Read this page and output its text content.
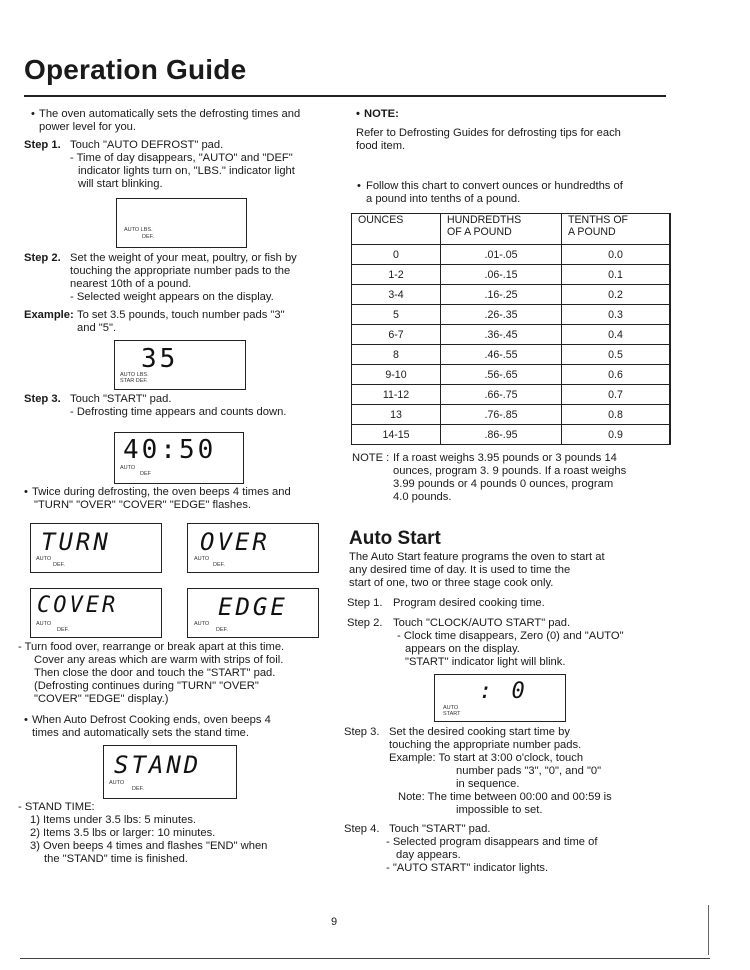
Operation Guide
• The oven automatically sets the defrosting times and
power level for you.
Step 1. Touch "AUTO DEFROST" pad.
- Time of day disappears, "AUTO" and "DEF"
indicator lights turn on, "LBS." indicator light
will start blinking.
AUTO LBS.
DEF.
Step 2. Set the weight of your meat, poultry, or fish by
touching the appropriate number pads to the
nearest 10th of a pound.
- Selected weight appears on the display.
Example: To set 3.5 pounds, touch number pads "3"
and "5".
35
AUTO LBS.
STAR DEF.
Step 3. Touch "START" pad.
- Defrosting time appears and counts down.
40:50
AUTO
DEF
• Twice during defrosting, the oven beeps 4 times and
"TURN" "OVER" "COVER" "EDGE" flashes.
TURN
AUTO
DEF.
OVER
AUTO
DEF.
COVER
AUTO
DEF.
EDGE
AUTO
DEF.
- Turn food over, rearrange or break apart at this time.
Cover any areas which are warm with strips of foil.
Then close the door and touch the "START" pad.
(Defrosting continues during "TURN" "OVER"
"COVER" "EDGE" display.)
• When Auto Defrost Cooking ends, oven beeps 4
times and automatically sets the stand time.
STAND
AUTO
DEF.
- STAND TIME:
1) Items under 3.5 lbs: 5 minutes.
2) Items 3.5 lbs or larger: 10 minutes.
3) Oven beeps 4 times and flashes "END" when
the "STAND" time is finished.
• NOTE:
Refer to Defrosting Guides for defrosting tips for each
food item.
• Follow this chart to convert ounces or hundredths of
a pound into tenths of a pound.
OUNCES	HUNDREDTHS
OF A POUND	TENTHS OF
A POUND
0	.01-.05	0.0
1-2	.06-.15	0.1
3-4	.16-.25	0.2
5	.26-.35	0.3
6-7	.36-.45	0.4
8	.46-.55	0.5
9-10	.56-.65	0.6
11-12	.66-.75	0.7
13	.76-.85	0.8
14-15	.86-.95	0.9
NOTE : If a roast weighs 3.95 pounds or 3 pounds 14
ounces, program 3. 9 pounds. If a roast weighs
3.99 pounds or 4 pounds 0 ounces, program
4.0 pounds.
Auto Start
The Auto Start feature programs the oven to start at
any desired time of day. It is used to time the
start of one, two or three stage cook only.
Step 1. Program desired cooking time.
Step 2. Touch "CLOCK/AUTO START" pad.
- Clock time disappears, Zero (0) and "AUTO"
appears on the display.
"START" indicator light will blink.
: 0
AUTO
START
Step 3. Set the desired cooking start time by
touching the appropriate number pads.
Example: To start at 3:00 o'clock, touch
number pads "3", "0", and "0"
in sequence.
Note: The time between 00:00 and 00:59 is
impossible to set.
Step 4. Touch "START" pad.
- Selected program disappears and time of
day appears.
- "AUTO START" indicator lights.
9
